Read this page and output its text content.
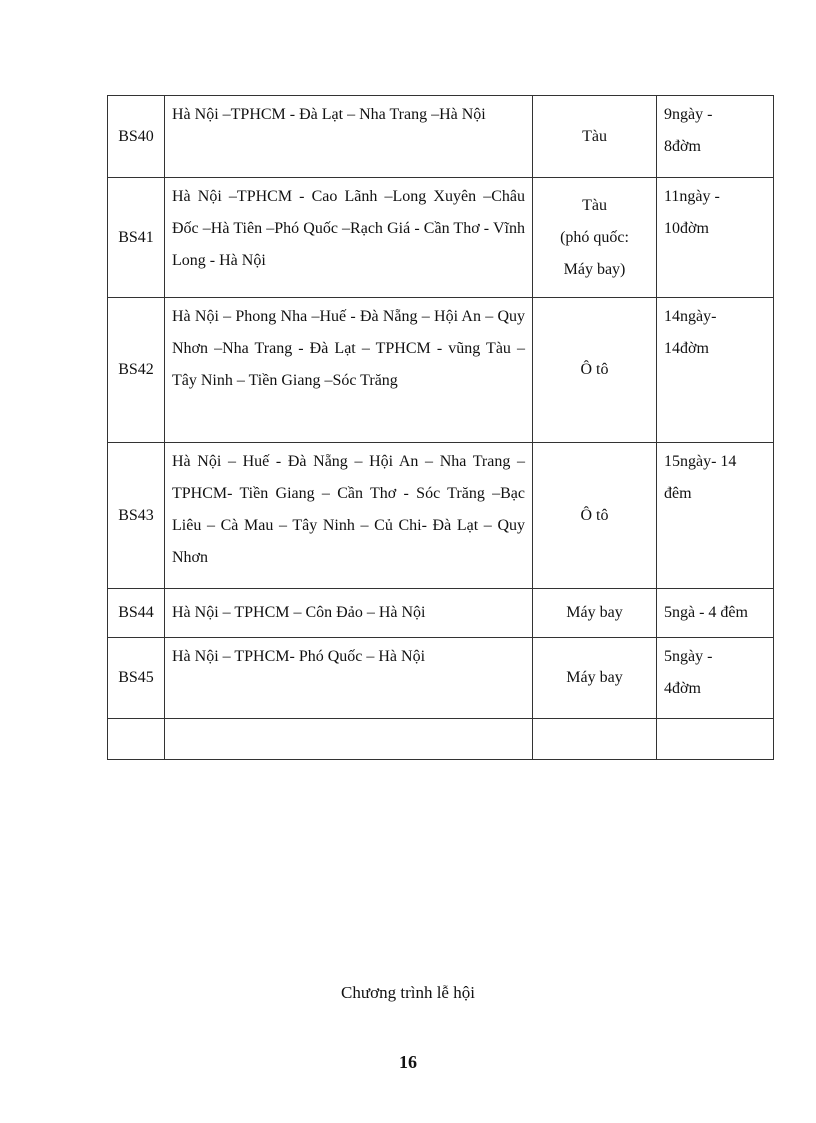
BS40	Hà Nội –TPHCM - Đà Lạt – Nha Trang –Hà Nội	Tàu	9ngày -
8đờm
BS41	Hà Nội –TPHCM - Cao Lãnh –Long Xuyên –Châu Đốc –Hà Tiên –Phó Quốc –Rạch Giá - Cần Thơ - Vĩnh Long - Hà Nội	Tàu
(phó quốc:
Máy bay)	11ngày -
10đờm
BS42	Hà Nội – Phong Nha –Huế - Đà Nẵng – Hội An – Quy Nhơn –Nha Trang - Đà Lạt – TPHCM - vũng Tàu – Tây Ninh – Tiền Giang –Sóc Trăng	Ô tô	14ngày-
14đờm
BS43	Hà Nội – Huế - Đà Nẵng – Hội An – Nha Trang –TPHCM- Tiền Giang – Cần Thơ - Sóc Trăng –Bạc Liêu – Cà Mau – Tây Ninh – Củ Chi- Đà Lạt – Quy Nhơn	Ô tô	15ngày- 14
đêm
BS44	Hà Nội – TPHCM – Côn Đảo – Hà Nội	Máy bay	5ngà - 4 đêm
BS45	Hà Nội – TPHCM- Phó Quốc – Hà Nội	Máy bay	5ngày -
4đờm

Chương trình lễ hội
16
